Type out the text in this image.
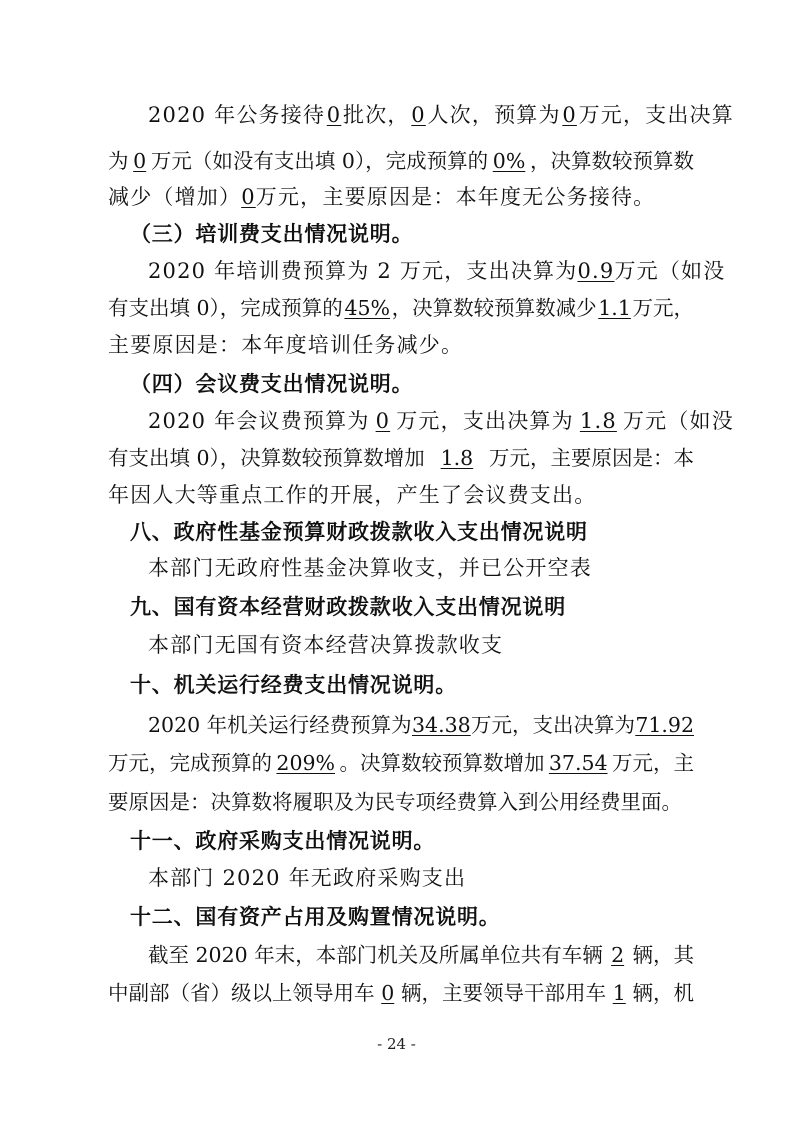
2020 年公务接待 0 批次， 0 人次，预算为 0 万元，支出决算
为 0 万元（如没有支出填 0），完成预算的 0% ，决算数较预算数
减少（增加）0万元，主要原因是：本年度无公务接待。
（三）培训费支出情况说明。
2020 年培训费预算为 2 万元，支出决算为0.9万元（如没
有支出填 0），完成预算的 45% ，决算数较预算数减少 1.1 万元，
主要原因是：本年度培训任务减少。
（四）会议费支出情况说明。
2020 年会议费预算为 0 万元，支出决算为 1.8 万元（如没
有支出填 0），决算数较预算数增加 1.8 万元，主要原因是：本
年因人大等重点工作的开展，产生了会议费支出。
八、政府性基金预算财政拨款收入支出情况说明
本部门无政府性基金决算收支，并已公开空表
九、国有资本经营财政拨款收入支出情况说明
本部门无国有资本经营决算拨款收支
十、机关运行经费支出情况说明。
2020 年机关运行经费预算为 34.38 万元，支出决算为 71.92
万元，完成预算的 209% 。决算数较预算数增加 37.54 万元，主
要原因是：决算数将履职及为民专项经费算入到公用经费里面。
十一、政府采购支出情况说明。
本部门 2020 年无政府采购支出
十二、国有资产占用及购置情况说明。
截至 2020 年末，本部门机关及所属单位共有车辆 2 辆，其
中副部（省）级以上领导用车 0 辆，主要领导干部用车 1 辆，机
- 24 -
